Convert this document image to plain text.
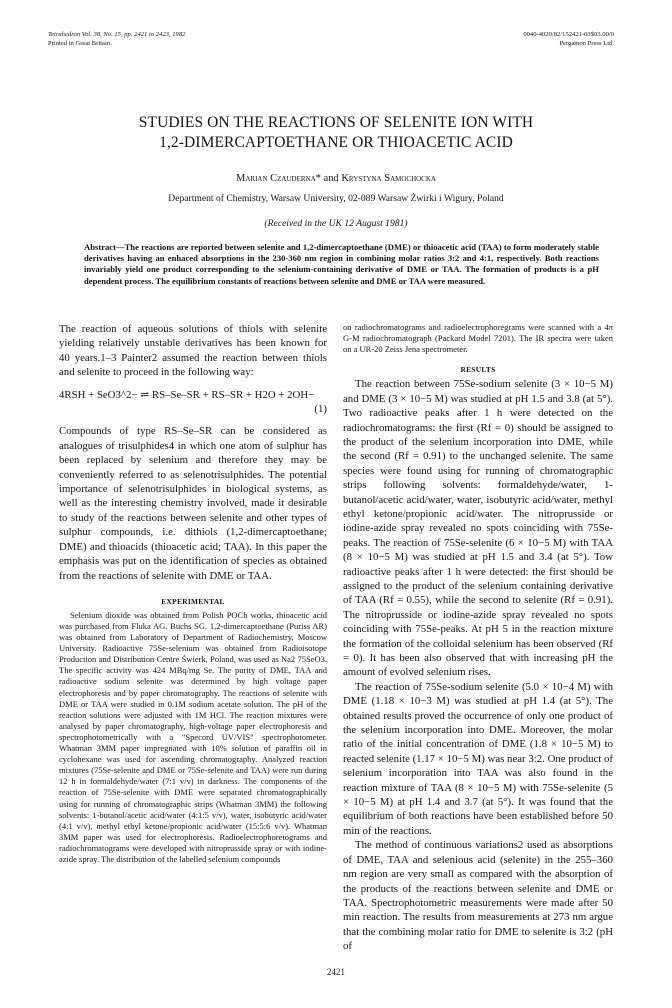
Tetrahedron Vol. 38, No. 15, pp. 2421 to 2423, 1982
Printed in Great Britain.
0040-4020/82/152421-03$03.00/0
Pergamon Press Ltd.
STUDIES ON THE REACTIONS OF SELENITE ION WITH
1,2-DIMERCAPTOETHANE OR THIOACETIC ACID
Marian Czauderna* and Krystyna Samochocka
Department of Chemistry, Warsaw University, 02-089 Warsaw Żwirki i Wigury, Poland
(Received in the UK 12 August 1981)
Abstract—The reactions are reported between selenite and 1,2-dimercaptoethane (DME) or thioacetic acid (TAA) to form moderately stable derivatives having an enhaced absorptions in the 230-360 nm region in combining molar ratios 3:2 and 4:1, respectively. Both reactions invariably yield one product corresponding to the selenium-containing derivative of DME or TAA. The formation of products is a pH dependent process. The equilibrium constants of reactions between selenite and DME or TAA were measured.

The reaction of aqueous solutions of thiols with selenite yielding relatively unstable derivatives has been known for 40 years.1–3 Painter2 assumed the reaction between thiols and selenite to proceed in the following way:

4RSH + SeO3^2− ⇌ RS–Se–SR + RS–SR + H2O + 2OH−
(1)

Compounds of type RS–Se–SR can be considered as analogues of trisulphides4 in which one atom of sulphur has been replaced by selenium and therefore they may be conveniently referred to as selenotrisulphides. The potential importance of selenotrisulphides in biological systems, as well as the interesting chemistry involved, made it desirable to study of the reactions between selenite and other types of sulphur compounds, i.e. dithiols (1,2-dimercaptoethane; DME) and thioacids (thioacetic acid; TAA). In this paper the emphasis was put on the identification of species as obtained from the reactions of selenite with DME or TAA.

EXPERIMENTAL

Selenium dioxide was obtained from Polish POCh works, thioacetic acid was purchased from Fluka AG. Buchs SG. 1,2-dimercaptoethane (Puriss AR) was obtained from Laboratory of Department of Radiochemistry, Moscow University. Radioactive 75Se-selenium was obtained from Radioisotope Production and Distribution Centre Świerk, Poland, was used as Na2 75SeO3. The specific activity was 424 MBq/mg Se. The purity of DME, TAA and radioactive sodium selenite was determined by high voltage paper electrophoresis and by paper chromatography. The reactions of selenite with DME or TAA were studied in 0.1M sodium acetate solution. The pH of the reaction solutions were adjusted with 1M HCl. The reaction mixtures were analysed by paper chromatography, high-voltage paper electrophoresis and spectrophotometrically with a "Specord UV/VIS" spectrophotometer. Whatman 3MM paper impregnated with 10% solution of paraffin oil in cyclohexane was used for ascending chromatography. Analyzed reaction mixtures (75Se-selenite and DME or 75Se-selenite and TAA) were run during 12 h in formaldehyde/water (7:1 v/v) in darkness. The components of the reaction of 75Se-selenite with DME were separated chromatographically using for running of chromatographic strips (Whatman 3MM) the following solvents: 1-butanol/acetic acid/water (4:1:5 v/v), water, isobutyric acid/water (4:1 v/v), methyl ethyl ketone/propionic acid/water (15:5:6 v/v). Whatman 3MM paper was used for electrophoresis. Radioelectrophoretograms and radiochromatograms were developed with nitroprusside spray or with iodine-azide spray. The distribution of the labelled selenium compounds

on radiochromatograms and radioelectrophoregrams were scanned with a 4π G-M radiochromatograph (Packard Model 7201). The IR spectra were taken on a UR-20 Zeiss Jena spectrometer.

RESULTS

The reaction between 75Se-sodium selenite (3 × 10−5 M) and DME (3 × 10−5 M) was studied at pH 1.5 and 3.8 (at 5°). Two radioactive peaks after 1 h were detected on the radiochromatograms: the first (Rf = 0) should be assigned to the product of the selenium incorporation into DME, while the second (Rf = 0.91) to the unchanged selenite. The same species were found using for running of chromatographic strips following solvents: formaldehyde/water, 1-butanol/acetic acid/water, water, isobutyric acid/water, methyl ethyl ketone/propionic acid/water. The nitroprusside or iodine-azide spray revealed no spots coinciding with 75Se-peaks. The reaction of 75Se-selenite (6 × 10−5 M) with TAA (8 × 10−5 M) was studied at pH 1.5 and 3.4 (at 5°). Tow radioactive peaks after 1 h were detected: the first should be assigned to the product of the selenium containing derivative of TAA (Rf = 0.55), while the second to selenite (Rf = 0.91). The nitroprusside or iodine-azide spray revealed no spots coinciding with 75Se-peaks. At pH 5 in the reaction mixture the formation of the colloidal selenium has been observed (Rf = 0). It has been also observed that with increasing pH the amount of evolved selenium rises.

The reaction of 75Se-sodium selenite (5.0 × 10−4 M) with DME (1.18 × 10−3 M) was studied at pH 1.4 (at 5°). The obtained results proved the occurrence of only one product of the selenium incorporation into DME. Moreover, the molar ratio of the initial concentration of DME (1.8 × 10−5 M) to reacted selenite (1.17 × 10−5 M) was near 3:2. One product of selenium incorporation into TAA was also found in the reaction mixture of TAA (8 × 10−5 M) with 75Se-selenite (5 × 10−5 M) at pH 1.4 and 3.7 (at 5°). It was found that the equilibrium of both reactions have been established before 50 min of the reactions.

The method of continuous variations2 used as absorptions of DME, TAA and selenious acid (selenite) in the 255–360 nm region are very small as compared with the absorption of the products of the reactions between selenite and DME or TAA. Spectrophotometric measurements were made after 50 min reaction. The results from measurements at 273 nm argue that the combining molar ratio for DME to selenite is 3:2 (pH of

2421
